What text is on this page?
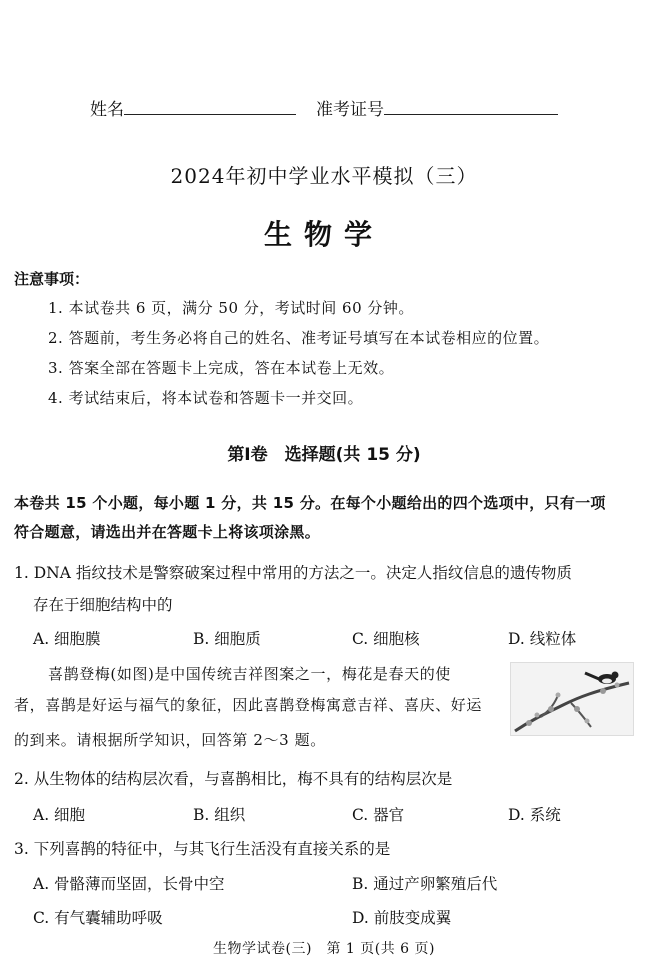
姓名	准考证号
2024年初中学业水平模拟（三）
生物学
注意事项：
1. 本试卷共 6 页，满分 50 分，考试时间 60 分钟。
2. 答题前，考生务必将自己的姓名、准考证号填写在本试卷相应的位置。
3. 答案全部在答题卡上完成，答在本试卷上无效。
4. 考试结束后，将本试卷和答题卡一并交回。
第Ⅰ卷　选择题(共 15 分)
本卷共 15 个小题，每小题 1 分，共 15 分。在每个小题给出的四个选项中，只有一项
符合题意，请选出并在答题卡上将该项涂黑。
1. DNA 指纹技术是警察破案过程中常用的方法之一。决定人指纹信息的遗传物质
存在于细胞结构中的
A. 细胞膜	B. 细胞质	C. 细胞核	D. 线粒体
喜鹊登梅(如图)是中国传统吉祥图案之一，梅花是春天的使
者，喜鹊是好运与福气的象征，因此喜鹊登梅寓意吉祥、喜庆、好运
的到来。请根据所学知识，回答第 2～3 题。
2. 从生物体的结构层次看，与喜鹊相比，梅不具有的结构层次是
A. 细胞	B. 组织	C. 器官	D. 系统
3. 下列喜鹊的特征中，与其飞行生活没有直接关系的是
A. 骨骼薄而坚固，长骨中空	B. 通过产卵繁殖后代
C. 有气囊辅助呼吸	D. 前肢变成翼
生物学试卷(三)　第 1 页(共 6 页)
